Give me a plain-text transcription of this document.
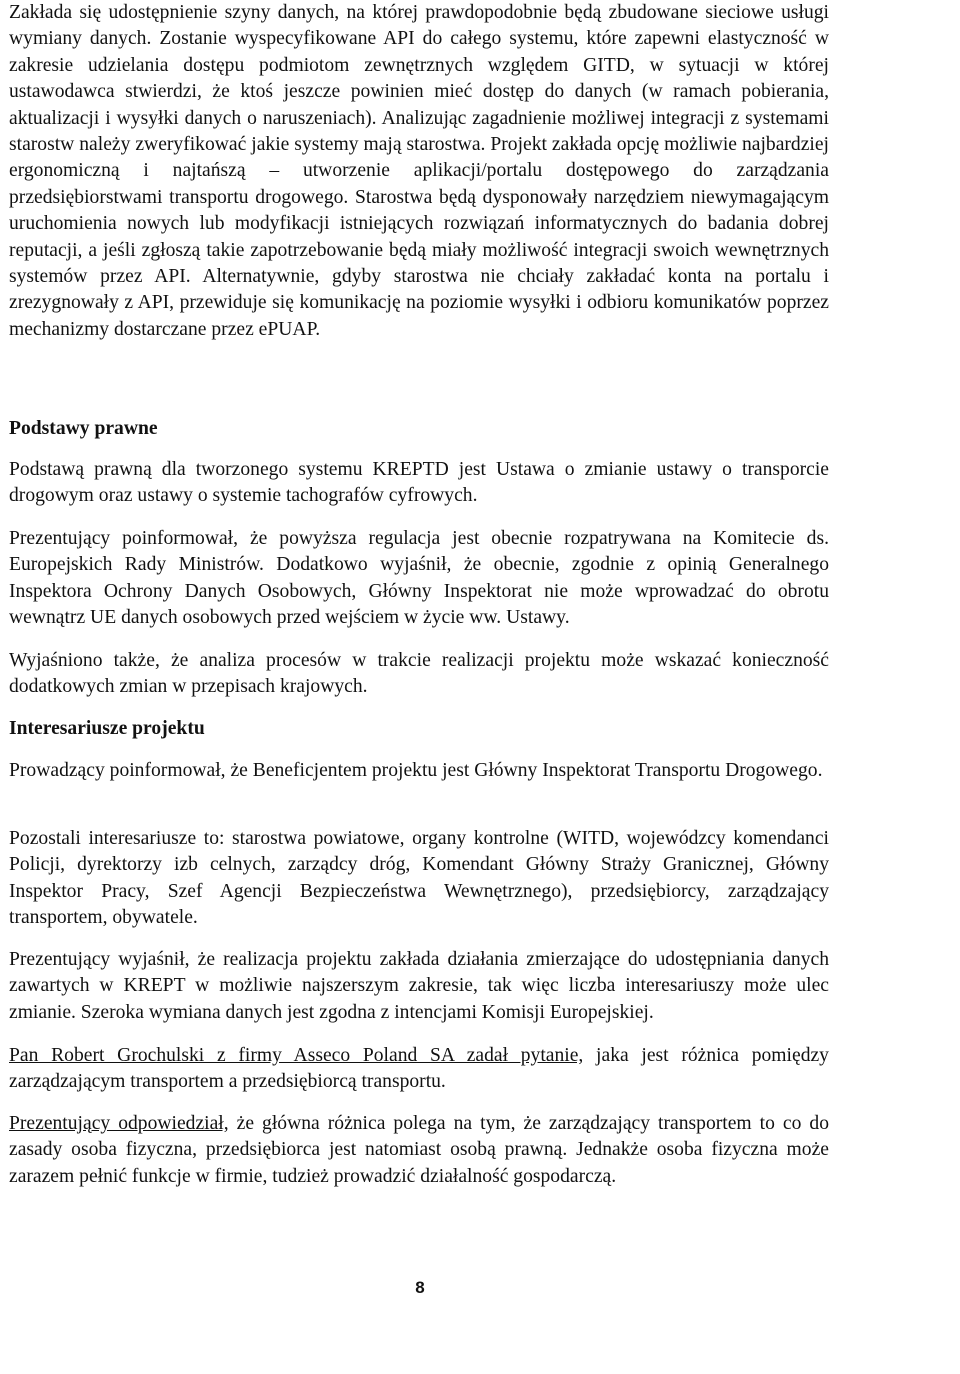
Zakłada się udostępnienie szyny danych, na której prawdopodobnie będą zbudowane sieciowe usługi wymiany danych. Zostanie wyspecyfikowane API do całego systemu, które zapewni elastyczność w zakresie udzielania dostępu podmiotom zewnętrznych względem GITD, w sytuacji w której ustawodawca stwierdzi, że ktoś jeszcze powinien mieć dostęp do danych (w ramach pobierania, aktualizacji i wysyłki danych o naruszeniach). Analizując zagadnienie możliwej integracji z systemami starostw należy zweryfikować jakie systemy mają starostwa. Projekt zakłada opcję możliwie najbardziej ergonomiczną i najtańszą – utworzenie aplikacji/portalu dostępowego do zarządzania przedsiębiorstwami transportu drogowego. Starostwa będą dysponowały narzędziem niewymagającym uruchomienia nowych lub modyfikacji istniejących rozwiązań informatycznych do badania dobrej reputacji, a jeśli zgłoszą takie zapotrzebowanie będą miały możliwość integracji swoich wewnętrznych systemów przez API. Alternatywnie, gdyby starostwa nie chciały zakładać konta na portalu i zrezygnowały z API, przewiduje się komunikację na poziomie wysyłki i odbioru komunikatów poprzez mechanizmy dostarczane przez ePUAP.

Podstawy prawne

Podstawą prawną dla tworzonego systemu KREPTD jest Ustawa o zmianie ustawy o transporcie drogowym oraz ustawy o systemie tachografów cyfrowych.

Prezentujący poinformował, że powyższa regulacja jest obecnie rozpatrywana na Komitecie ds. Europejskich Rady Ministrów. Dodatkowo wyjaśnił, że obecnie, zgodnie z opinią Generalnego Inspektora Ochrony Danych Osobowych, Główny Inspektorat nie może wprowadzać do obrotu wewnątrz UE danych osobowych przed wejściem w życie ww. Ustawy.

Wyjaśniono także, że analiza procesów w trakcie realizacji projektu może wskazać konieczność dodatkowych zmian w przepisach krajowych.

Interesariusze projektu

Prowadzący poinformował, że Beneficjentem projektu jest Główny Inspektorat Transportu Drogowego.

Pozostali interesariusze to: starostwa powiatowe, organy kontrolne (WITD, wojewódzcy komendanci Policji, dyrektorzy izb celnych, zarządcy dróg, Komendant Główny Straży Granicznej, Główny Inspektor Pracy, Szef Agencji Bezpieczeństwa Wewnętrznego), przedsiębiorcy, zarządzający transportem, obywatele.

Prezentujący wyjaśnił, że realizacja projektu zakłada działania zmierzające do udostępniania danych zawartych w KREPT w możliwie najszerszym zakresie, tak więc liczba interesariuszy może ulec zmianie. Szeroka wymiana danych jest zgodna z intencjami Komisji Europejskiej.

Pan Robert Grochulski z firmy Asseco Poland SA zadał pytanie, jaka jest różnica pomiędzy zarządzającym transportem a przedsiębiorcą transportu.

Prezentujący odpowiedział, że główna różnica polega na tym, że zarządzający transportem to co do zasady osoba fizyczna, przedsiębiorca jest natomiast osobą prawną. Jednakże osoba fizyczna może zarazem pełnić funkcje w firmie, tudzież prowadzić działalność gospodarczą.

8
